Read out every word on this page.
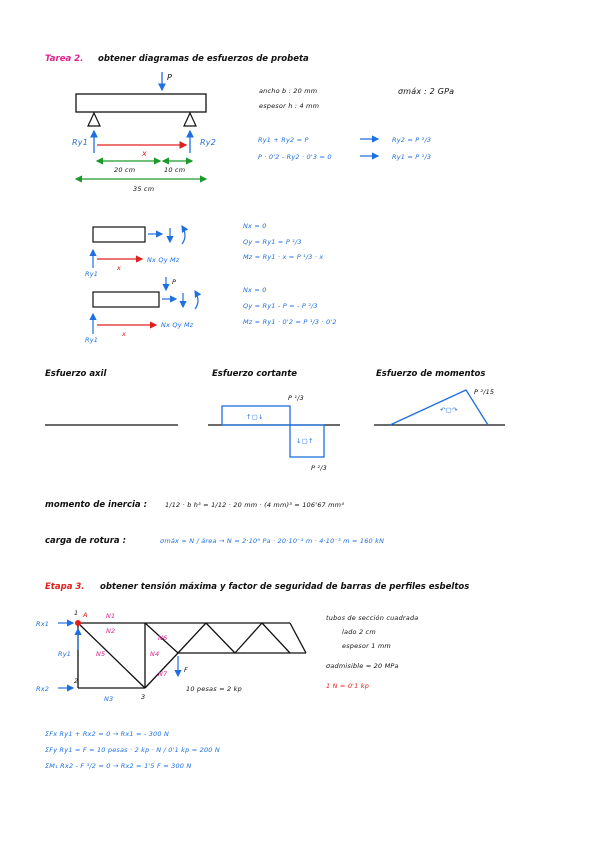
Tarea 2. obtener diagramas de esfuerzos de probeta
P
Ry1	Ry2
x
20 cm	10 cm
35 cm
ancho b : 20 mm
espesor h : 4 mm
σmáx : 2 GPa
Ry1 + Ry2 = P
P · 0'2 - Ry2 · 0'3 = 0
Ry2 = P ²/3
Ry1 = P ¹/3
Ry1
x
Nx Qy Mz
Nx = 0
Qy = Ry1 = P ¹/3
Mz = Ry1 · x = P ¹/3 · x
P
Ry1
x
Nx Qy Mz
Nx = 0
Qy = Ry1 - P = - P ²/3
Mz = Ry1 · 0'2 = P ¹/3 · 0'2
Esfuerzo axil	Esfuerzo cortante	Esfuerzo de momentos
P ¹/3
P ²/3
↑▢↓
↓▢↑
P ²/15
↶▢↷
momento de inercia :	1/12 · b h³ = 1/12 · 20 mm · (4 mm)³ = 106'67 mm⁴
carga de rotura :	σmáx = N / área → N = 2·10⁹ Pa · 20·10⁻³ m · 4·10⁻³ m = 160 kN
Etapa 3. obtener tensión máxima y factor de seguridad de barras de perfiles esbeltos
1 A
2
3
Rx1
Ry1
Rx2
F
10 pesas = 2 kp
N1
N2
N5	N4
N6
N7
N3
tubos de sección cuadrada
lado 2 cm
espesor 1 mm
σadmisible = 20 MPa
1 N = 0'1 kp
ΣFx Ry1 + Rx2 = 0 → Rx1 = - 300 N
ΣFy Ry1 = F = 10 pesas · 2 kp · N / 0'1 kp = 200 N
ΣM₁ Rx2 - F ³/2 = 0 → Rx2 = 1'5 F = 300 N
